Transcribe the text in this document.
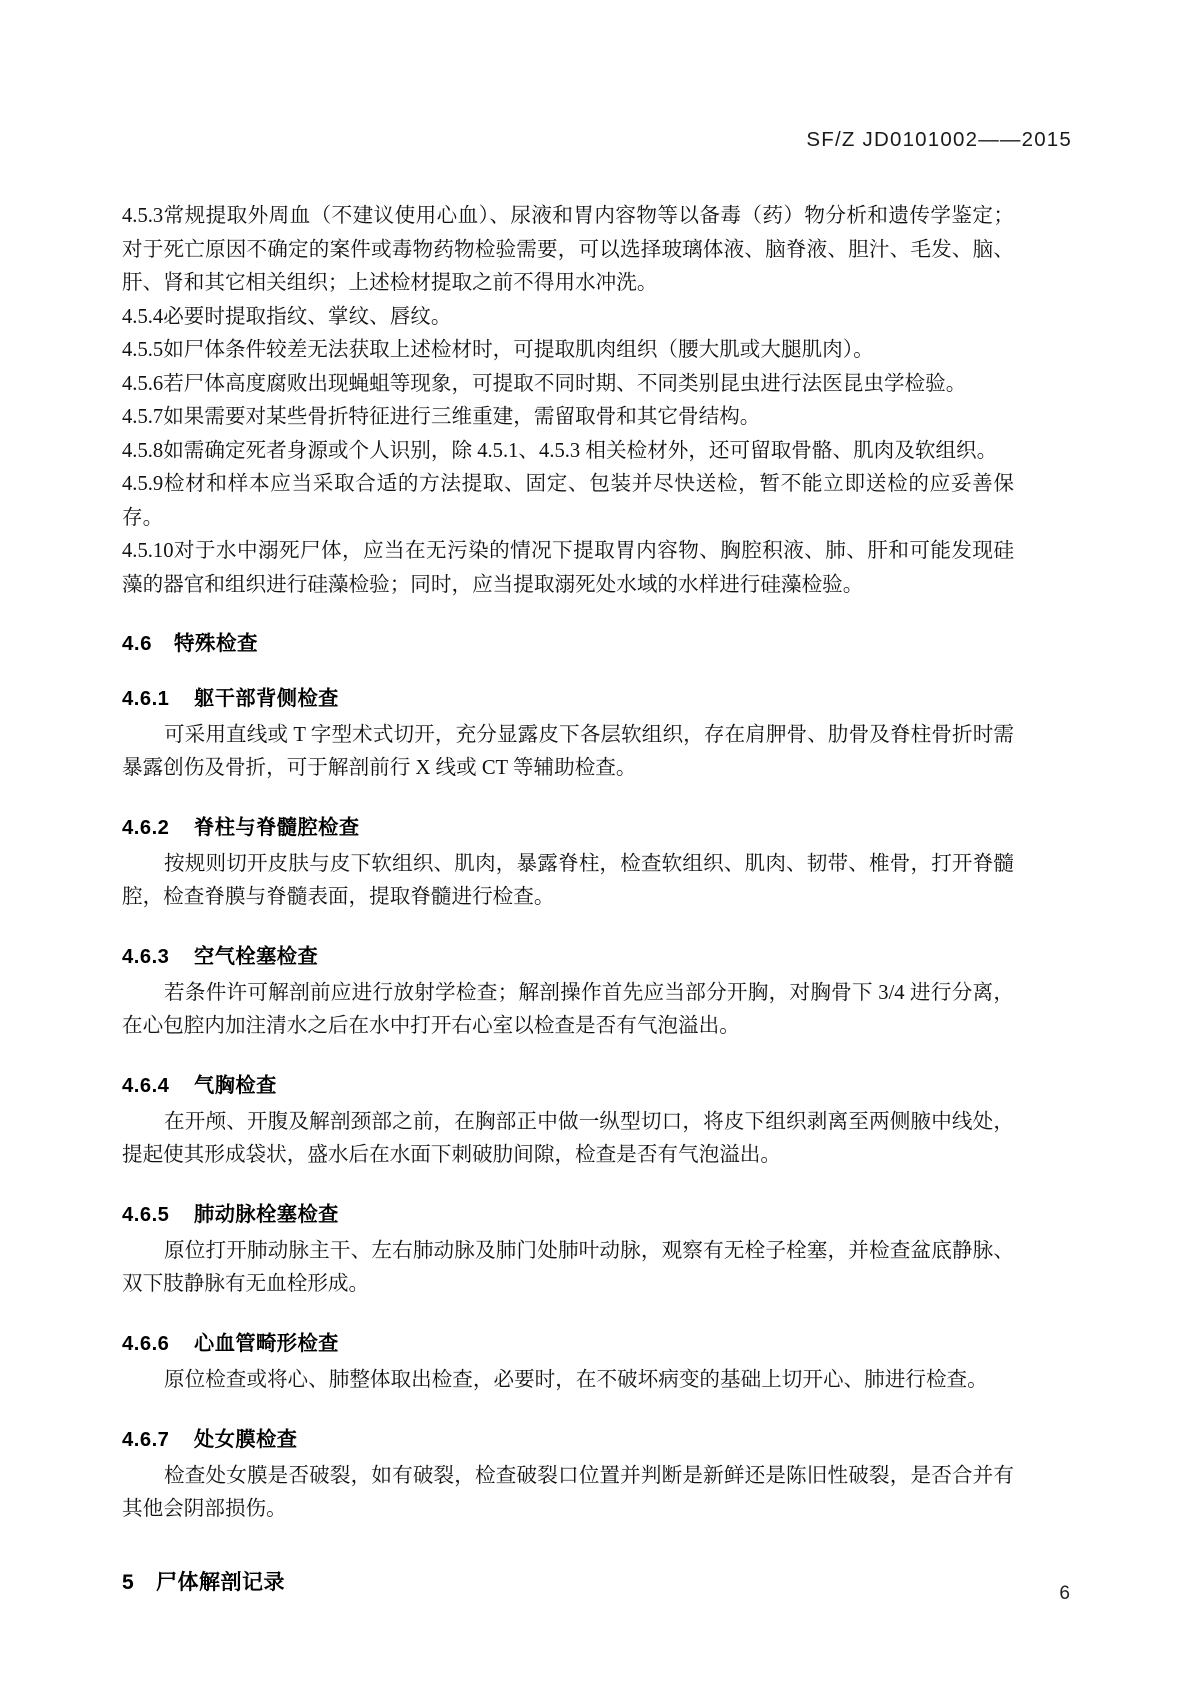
SF/Z JD0101002——2015

4.5.3常规提取外周血（不建议使用心血）、尿液和胃内容物等以备毒（药）物分析和遗传学鉴定；对于死亡原因不确定的案件或毒物药物检验需要，可以选择玻璃体液、脑脊液、胆汁、毛发、脑、肝、肾和其它相关组织；上述检材提取之前不得用水冲洗。

4.5.4必要时提取指纹、掌纹、唇纹。

4.5.5如尸体条件较差无法获取上述检材时，可提取肌肉组织（腰大肌或大腿肌肉）。

4.5.6若尸体高度腐败出现蝇蛆等现象，可提取不同时期、不同类别昆虫进行法医昆虫学检验。

4.5.7如果需要对某些骨折特征进行三维重建，需留取骨和其它骨结构。

4.5.8如需确定死者身源或个人识别，除 4.5.1、4.5.3 相关检材外，还可留取骨骼、肌肉及软组织。

4.5.9检材和样本应当采取合适的方法提取、固定、包装并尽快送检，暂不能立即送检的应妥善保存。

4.5.10对于水中溺死尸体，应当在无污染的情况下提取胃内容物、胸腔积液、肺、肝和可能发现硅藻的器官和组织进行硅藻检验；同时，应当提取溺死处水域的水样进行硅藻检验。

4.6 特殊检查
4.6.1 躯干部背侧检查

可采用直线或 T 字型术式切开，充分显露皮下各层软组织，存在肩胛骨、肋骨及脊柱骨折时需暴露创伤及骨折，可于解剖前行 X 线或 CT 等辅助检查。

4.6.2 脊柱与脊髓腔检查

按规则切开皮肤与皮下软组织、肌肉，暴露脊柱，检查软组织、肌肉、韧带、椎骨，打开脊髓腔，检查脊膜与脊髓表面，提取脊髓进行检查。

4.6.3 空气栓塞检查

若条件许可解剖前应进行放射学检查；解剖操作首先应当部分开胸，对胸骨下 3/4 进行分离，在心包腔内加注清水之后在水中打开右心室以检查是否有气泡溢出。

4.6.4 气胸检查

在开颅、开腹及解剖颈部之前，在胸部正中做一纵型切口，将皮下组织剥离至两侧腋中线处，提起使其形成袋状，盛水后在水面下刺破肋间隙，检查是否有气泡溢出。

4.6.5 肺动脉栓塞检查

原位打开肺动脉主干、左右肺动脉及肺门处肺叶动脉，观察有无栓子栓塞，并检查盆底静脉、双下肢静脉有无血栓形成。

4.6.6 心血管畸形检查

原位检查或将心、肺整体取出检查，必要时，在不破坏病变的基础上切开心、肺进行检查。

4.6.7 处女膜检查

检查处女膜是否破裂，如有破裂，检查破裂口位置并判断是新鲜还是陈旧性破裂，是否合并有其他会阴部损伤。

5 尸体解剖记录	6
